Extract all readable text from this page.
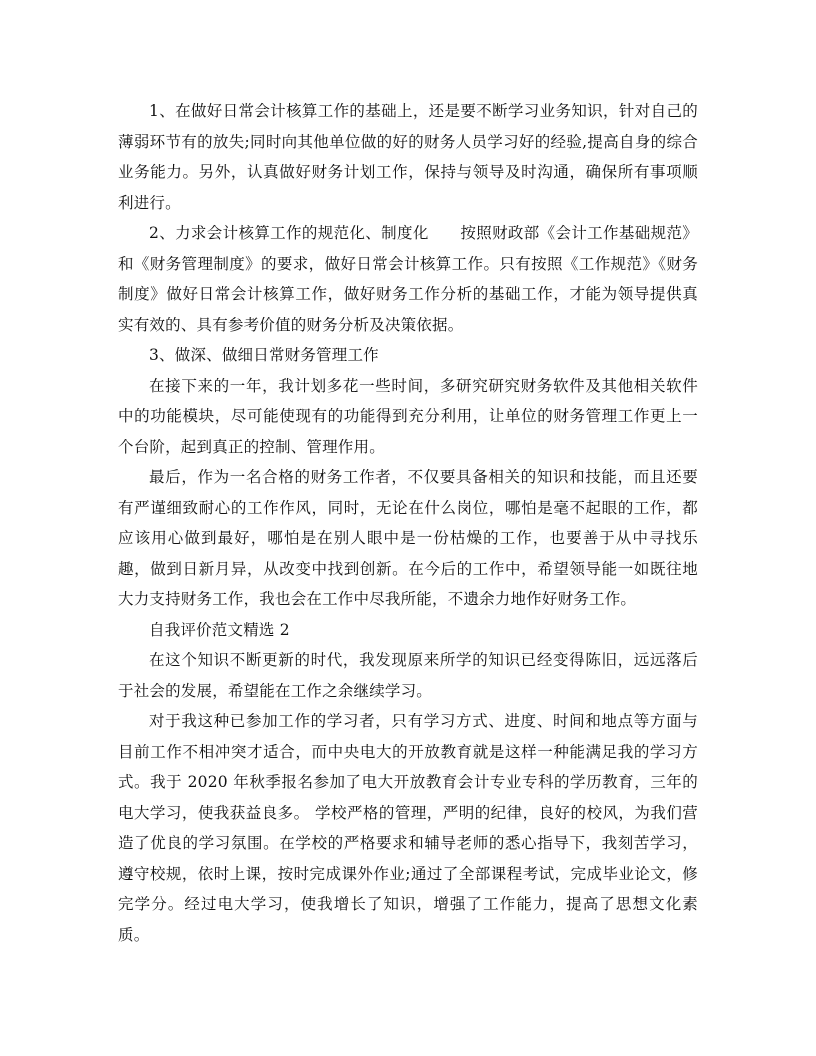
1、在做好日常会计核算工作的基础上，还是要不断学习业务知识，针对自己的薄弱环节有的放失;同时向其他单位做的好的财务人员学习好的经验,提高自身的综合业务能力。另外，认真做好财务计划工作，保持与领导及时沟通，确保所有事项顺利进行。

2、力求会计核算工作的规范化、制度化　　按照财政部《会计工作基础规范》和《财务管理制度》的要求，做好日常会计核算工作。只有按照《工作规范》《财务制度》做好日常会计核算工作，做好财务工作分析的基础工作，才能为领导提供真实有效的、具有参考价值的财务分析及决策依据。

3、做深、做细日常财务管理工作

在接下来的一年，我计划多花一些时间，多研究研究财务软件及其他相关软件中的功能模块，尽可能使现有的功能得到充分利用，让单位的财务管理工作更上一个台阶，起到真正的控制、管理作用。

最后，作为一名合格的财务工作者，不仅要具备相关的知识和技能，而且还要有严谨细致耐心的工作作风，同时，无论在什么岗位，哪怕是毫不起眼的工作，都应该用心做到最好，哪怕是在别人眼中是一份枯燥的工作，也要善于从中寻找乐趣，做到日新月异，从改变中找到创新。在今后的工作中，希望领导能一如既往地大力支持财务工作，我也会在工作中尽我所能，不遗余力地作好财务工作。

自我评价范文精选 2

在这个知识不断更新的时代，我发现原来所学的知识已经变得陈旧，远远落后于社会的发展，希望能在工作之余继续学习。

对于我这种已参加工作的学习者，只有学习方式、进度、时间和地点等方面与目前工作不相冲突才适合，而中央电大的开放教育就是这样一种能满足我的学习方式。我于 2020 年秋季报名参加了电大开放教育会计专业专科的学历教育，三年的电大学习，使我获益良多。 学校严格的管理，严明的纪律，良好的校风，为我们营造了优良的学习氛围。在学校的严格要求和辅导老师的悉心指导下，我刻苦学习，遵守校规，依时上课，按时完成课外作业;通过了全部课程考试，完成毕业论文，修完学分。经过电大学习，使我增长了知识，增强了工作能力，提高了思想文化素质。
